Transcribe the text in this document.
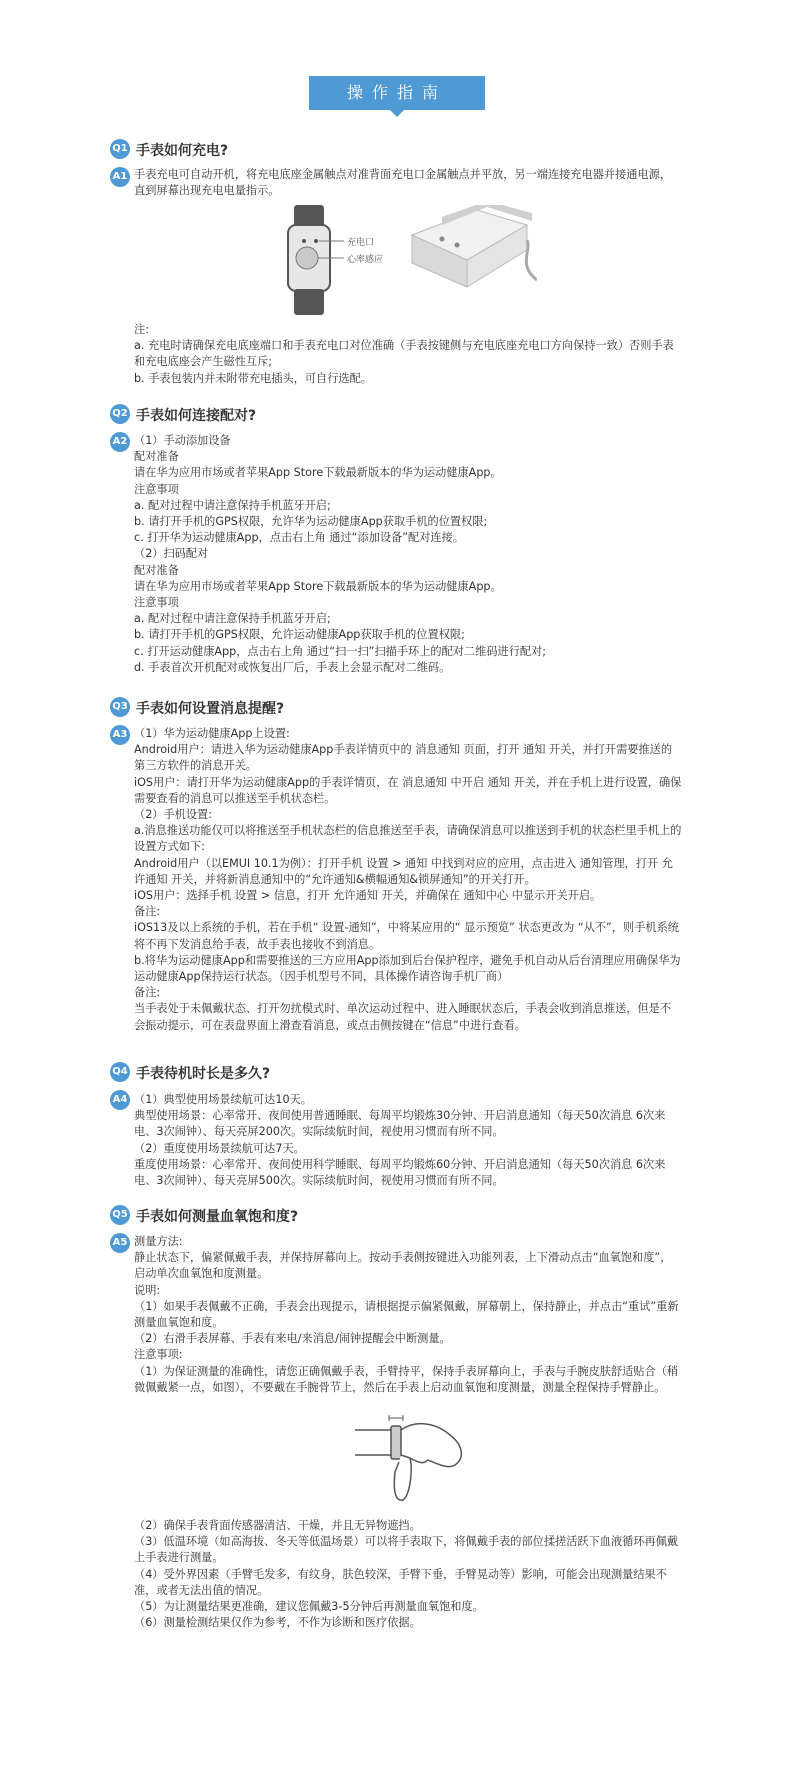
操作指南
Q1 手表如何充电?
A1 手表充电可自动开机，将充电底座金属触点对准背面充电口金属触点并平放，另一端连接充电器并接通电源，直到屏幕出现充电电量指示。
充电口
心率感应
注:
a. 充电时请确保充电底座端口和手表充电口对位准确（手表按键侧与充电底座充电口方向保持一致）否则手表和充电底座会产生磁性互斥;
b. 手表包装内并未附带充电插头，可自行选配。
Q2 手表如何连接配对?
A2 （1）手动添加设备
配对准备
请在华为应用市场或者苹果App Store下载最新版本的华为运动健康App。
注意事项
a. 配对过程中请注意保持手机蓝牙开启;
b. 请打开手机的GPS权限，允许华为运动健康App获取手机的位置权限;
c. 打开华为运动健康App，点击右上角 通过“添加设备”配对连接。
（2）扫码配对
配对准备
请在华为应用市场或者苹果App Store下载最新版本的华为运动健康App。
注意事项
a. 配对过程中请注意保持手机蓝牙开启;
b. 请打开手机的GPS权限，允许运动健康App获取手机的位置权限;
c. 打开运动健康App，点击右上角 通过“扫一扫”扫描手环上的配对二维码进行配对;
d. 手表首次开机配对或恢复出厂后，手表上会显示配对二维码。
Q3 手表如何设置消息提醒?
A3 （1）华为运动健康App上设置:
Android用户：请进入华为运动健康App手表详情页中的 消息通知 页面，打开 通知 开关，并打开需要推送的第三方软件的消息开关。
iOS用户：请打开华为运动健康App的手表详情页，在 消息通知 中开启 通知 开关，并在手机上进行设置，确保需要查看的消息可以推送至手机状态栏。
（2）手机设置:
a.消息推送功能仅可以将推送至手机状态栏的信息推送至手表，请确保消息可以推送到手机的状态栏里手机上的设置方式如下:
Android用户（以EMUI 10.1为例）：打开手机 设置 > 通知 中找到对应的应用，点击进入 通知管理，打开 允许通知 开关，并将新消息通知中的“允许通知&横幅通知&锁屏通知”的开关打开。
iOS用户：选择手机 设置 > 信息，打开 允许通知 开关，并确保在 通知中心 中显示开关开启。
备注:
iOS13及以上系统的手机，若在手机“ 设置-通知”，中将某应用的“ 显示预览” 状态更改为 “从不”，则手机系统将不再下发消息给手表，故手表也接收不到消息。
b.将华为运动健康App和需要推送的三方应用App添加到后台保护程序，避免手机自动从后台清理应用确保华为运动健康App保持运行状态。（因手机型号不同，具体操作请咨询手机厂商）
备注:
当手表处于未佩戴状态、打开勿扰模式时、单次运动过程中、进入睡眠状态后，手表会收到消息推送，但是不会振动提示，可在表盘界面上滑查看消息，或点击侧按键在“信息”中进行查看。
Q4 手表待机时长是多久?
A4 （1）典型使用场景续航可达10天。
典型使用场景：心率常开、夜间使用普通睡眠、每周平均锻炼30分钟、开启消息通知（每天50次消息 6次来电、3次闹钟）、每天亮屏200次。实际续航时间，视使用习惯而有所不同。
（2）重度使用场景续航可达7天。
重度使用场景：心率常开、夜间使用科学睡眠、每周平均锻炼60分钟、开启消息通知（每天50次消息 6次来电、3次闹钟）、每天亮屏500次。实际续航时间，视使用习惯而有所不同。
Q5 手表如何测量血氧饱和度?
A5 测量方法:
静止状态下，偏紧佩戴手表，并保持屏幕向上。按动手表侧按键进入功能列表，上下滑动点击“血氧饱和度”，启动单次血氧饱和度测量。
说明:
（1）如果手表佩戴不正确，手表会出现提示，请根据提示偏紧佩戴，屏幕朝上，保持静止，并点击“重试”重新测量血氧饱和度。
（2）右滑手表屏幕、手表有来电/来消息/闹钟提醒会中断测量。
注意事项:
（1）为保证测量的准确性，请您正确佩戴手表，手臂持平，保持手表屏幕向上，手表与手腕皮肤舒适贴合（稍微佩戴紧一点，如图），不要戴在手腕骨节上，然后在手表上启动血氧饱和度测量，测量全程保持手臂静止。
（2）确保手表背面传感器清洁、干燥，并且无异物遮挡。
（3）低温环境（如高海拔、冬天等低温场景）可以将手表取下，将佩戴手表的部位揉搓活跃下血液循环再佩戴上手表进行测量。
（4）受外界因素（手臂毛发多，有纹身，肤色较深，手臂下垂，手臂晃动等）影响，可能会出现测量结果不准，或者无法出值的情况。
（5）为让测量结果更准确，建议您佩戴3-5分钟后再测量血氧饱和度。
（6）测量检测结果仅作为参考，不作为诊断和医疗依据。
